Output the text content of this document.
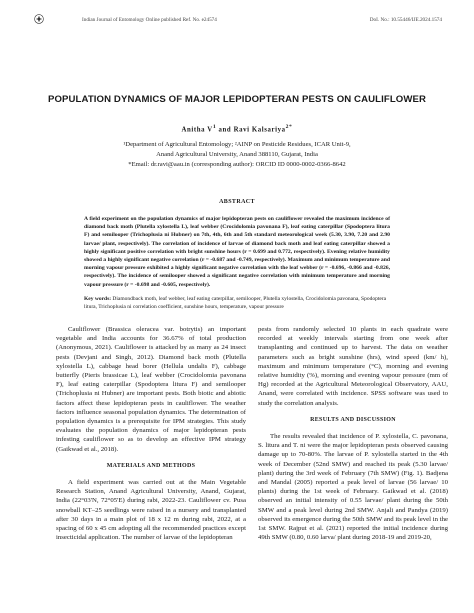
Indian Journal of Entomology Online published Ref. No. e24574	DoI. No.: 10.55446/IJE.2024.1574
POPULATION DYNAMICS OF MAJOR LEPIDOPTERAN PESTS ON CAULIFLOWER
Anitha $V^1$ and Ravi Kalsariya$^{2*}$
¹Department of Agricultural Entomology; ²AINP on Pesticide Residues, ICAR Unit-9,
Anand Agricultural University, Anand 388110, Gujarat, India
*Email: dr.ravi@aau.in (corresponding author): ORCID ID 0000-0002-0366-8642
ABSTRACT
A field experiment on the population dynamics of major lepidopteran pests on cauliflower revealed the maximum incidence of diamond back moth (Plutella xylostella L), leaf webber (Crocidolomia pavonana F), leaf eating caterpillar (Spodoptera litura F) and semilooper (Trichoplusia ni Hubner) on 7th, 4th, 6th and 5th standard meteorological week (5.30, 3.90, 7.20 and 2.90 larvae/ plant, respectively). The correlation of incidence of larvae of diamond back moth and leaf eating caterpillar showed a highly significant positive correlation with bright sunshine hours (r = 0.699 and 0.772, respectively). Evening relative humidity showed a highly significant negative correlation (r = -0.687 and -0.749, respectively). Maximum and minimum temperature and morning vapour pressure exhibited a highly significant negative correlation with the leaf webber (r = -0.696, -0.866 and -0.826, respectively). The incidence of semilooper showed a significant negative correlation with minimum temperature and morning vapour pressure (r = -0.698 and -0.605, respectively).
Key words: Diamondback moth, leaf webber, leaf eating caterpillar, semilooper, Plutella xylostella, Crocidolomia pavonana, Spodoptera litura, Trichoplusia ni correlation coefficient, sunshine hours, temperature, vapour pressure

Cauliflower (Brassica oleracea var. botrytis) an important vegetable and India accounts for 36.67% of total production (Anonymous, 2021). Cauliflower is attacked by as many as 24 insect pests (Devjani and Singh, 2012). Diamond back moth (Plutella xylostella L), cabbage head borer (Hellula undalis F), cabbage butterfly (Pieris brassicae L), leaf webber (Crocidolomia pavonana F), leaf eating caterpillar (Spodoptera litura F) and semilooper (Trichoplusia ni Hubner) are important pests. Both biotic and abiotic factors affect these lepidopteran pests in cauliflower. The weather factors influence seasonal population dynamics. The determination of population dynamics is a prerequisite for IPM strategies. This study evaluates the population dynamics of major lepidopteran pests infesting cauliflower so as to develop an effective IPM strategy (Gaikwad et al., 2018).

MATERIALS AND METHODS

A field experiment was carried out at the Main Vegetable Research Station, Anand Agricultural University, Anand, Gujarat, India (22°03'N, 72°05'E) during rabi, 2022-23. Cauliflower cv. Pusa snowball KT–25 seedlings were raised in a nursery and transplanted after 30 days in a main plot of 18 x 12 m during rabi, 2022, at a spacing of 60 x 45 cm adopting all the recommended practices except insecticidal application. The number of larvae of the lepidopteran

pests from randomly selected 10 plants in each quadrate were recorded at weekly intervals starting from one week after transplanting and continued up to harvest. The data on weather parameters such as bright sunshine (hrs), wind speed (km/ h), maximum and minimum temperature (°C), morning and evening relative humidity (%), morning and evening vapour pressure (mm of Hg) recorded at the Agricultural Meteorological Observatory, AAU, Anand, were correlated with incidence. SPSS software was used to study the correlation analysis.

RESULTS AND DISCUSSION

The results revealed that incidence of P. xylostella, C. pavonana, S. litura and T. ni were the major lepidopteran pests observed causing damage up to 70-80%. The larvae of P. xylostella started in the 4th week of December (52nd SMW) and reached its peak (5.30 larvae/ plant) during the 3rd week of February (7th SMW) (Fig. 1). Badjena and Mandal (2005) reported a peak level of larvae (56 larvae/ 10 plants) during the 1st week of February. Gaikwad et al. (2018) observed an initial intensity of 0.55 larvae/ plant during the 50th SMW and a peak level during 2nd SMW. Anjali and Pandya (2019) observed its emergence during the 50th SMW and its peak level in the 1st SMW. Rajput et al. (2021) reported the initial incidence during 49th SMW (0.80, 0.60 larva/ plant during 2018-19 and 2019-20,
